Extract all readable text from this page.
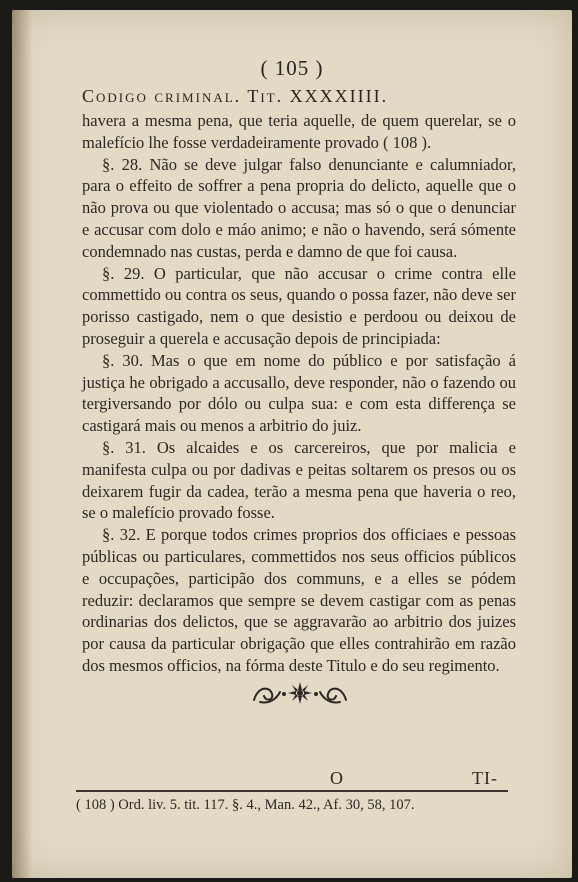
( 105 )
Codigo criminal. Tit. XXXXIIII.

havera a mesma pena, que teria aquelle, de quem querelar, se o malefício lhe fosse verdadeiramente provado ( 108 ).

§. 28. Não se deve julgar falso denunciante e calumniador, para o effeito de soffrer a pena propria do delicto, aquelle que o não prova ou que violentado o accusa; mas só o que o denunciar e accusar com dolo e máo animo; e não o havendo, será sómente condemnado nas custas, perda e damno de que foi causa.

§. 29. O particular, que não accusar o crime contra elle commettido ou contra os seus, quando o possa fazer, não deve ser porisso castigado, nem o que desistio e perdoou ou deixou de proseguir a querela e accusação depois de principiada:

§. 30. Mas o que em nome do público e por satisfação á justiça he obrigado a accusallo, deve responder, não o fazendo ou tergiversando por dólo ou culpa sua: e com esta differença se castigará mais ou menos a arbitrio do juiz.

§. 31. Os alcaides e os carcereiros, que por malicia e manifesta culpa ou por dadivas e peitas soltarem os presos ou os deixarem fugir da cadea, terão a mesma pena que haveria o reo, se o malefício provado fosse.

§. 32. E porque todos crimes proprios dos officiaes e pessoas públicas ou particulares, commettidos nos seus officios públicos e occupações, participão dos communs, e a elles se pódem reduzir: declaramos que sempre se devem castigar com as penas ordinarias dos delictos, que se aggravarão ao arbitrio dos juizes por causa da particular obrigação que elles contrahirão em razão dos mesmos officios, na fórma deste Titulo e do seu regimento.

O	TI-
( 108 ) Ord. liv. 5. tit. 117. §. 4., Man. 42., Af. 30, 58, 107.
